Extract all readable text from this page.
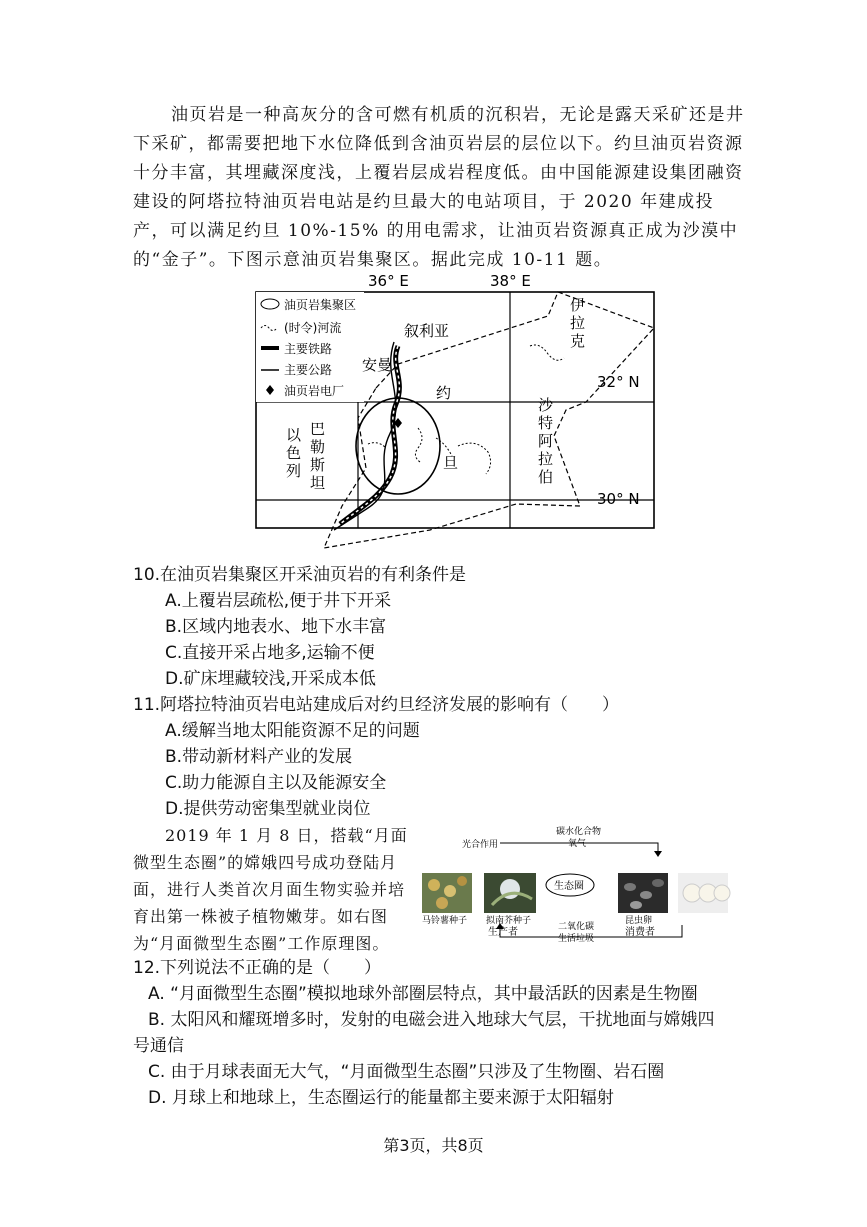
油页岩是一种高灰分的含可燃有机质的沉积岩，无论是露天采矿还是井下采矿，都需要把地下水位降低到含油页岩层的层位以下。约旦油页岩资源十分丰富，其埋藏深度浅，上覆岩层成岩程度低。由中国能源建设集团融资建设的阿塔拉特油页岩电站是约旦最大的电站项目，于 2020 年建成投产，可以满足约旦 10%-15% 的用电需求，让油页岩资源真正成为沙漠中的“金子”。下图示意油页岩集聚区。据此完成 10-11 题。

油页岩集聚区
(时令)河流
主要铁路
主要公路
油页岩电厂
36° E	38° E
32° N
30° N
叙利亚
安曼
约
旦
伊
拉
克
沙
特
阿
拉
伯
以
色
列
巴
勒
斯
坦
10.在油页岩集聚区开采油页岩的有利条件是
A.上覆岩层疏松,便于井下开采
B.区域内地表水、地下水丰富
C.直接开采占地多,运输不便
D.矿床埋藏较浅,开采成本低
11.阿塔拉特油页岩电站建成后对约旦经济发展的影响有（　　）
A.缓解当地太阳能资源不足的问题
B.带动新材料产业的发展
C.助力能源自主以及能源安全
D.提供劳动密集型就业岗位

2019 年 1 月 8 日，搭载“月面微型生态圈”的嫦娥四号成功登陆月面，进行人类首次月面生物实验并培育出第一株被子植物嫩芽。如右图为“月面微型生态圈”工作原理图。

碳水化合物
氧气
光合作用
生态圈
马铃薯种子 拟南芥种子
生产者
昆虫卵
消费者
二氧化碳
生活垃圾
12.下列说法不正确的是（　　）
A. “月面微型生态圈”模拟地球外部圈层特点，其中最活跃的因素是生物圈
B. 太阳风和耀斑增多时，发射的电磁会进入地球大气层，干扰地面与嫦娥四
号通信
C. 由于月球表面无大气，“月面微型生态圈”只涉及了生物圈、岩石圈
D. 月球上和地球上，生态圈运行的能量都主要来源于太阳辐射
第3页，共8页
